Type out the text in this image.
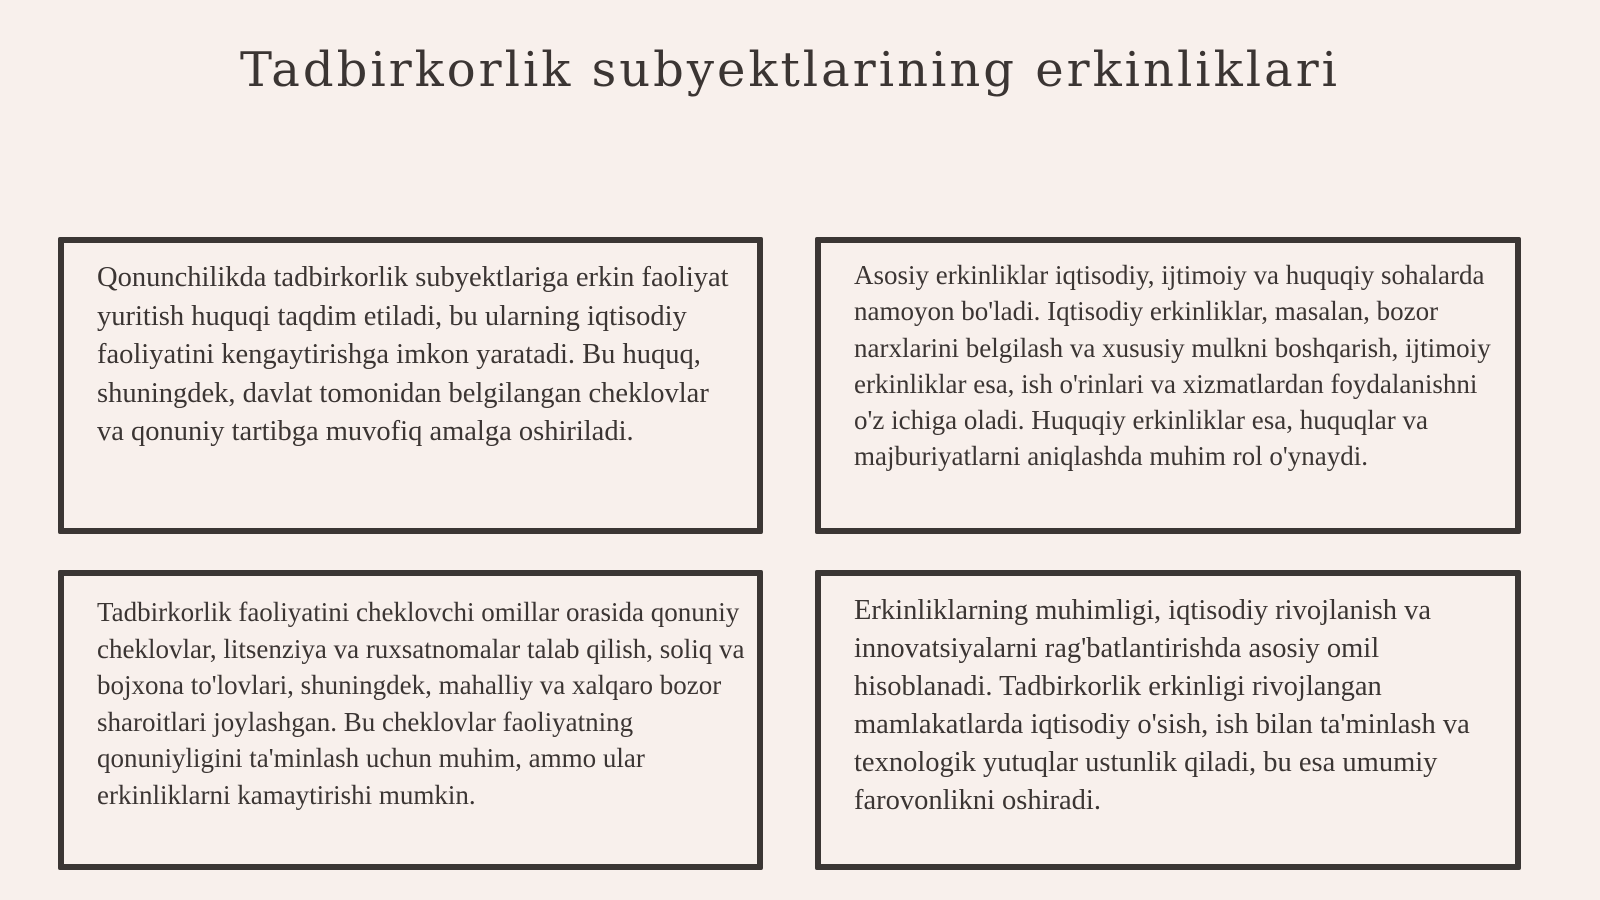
Tadbirkorlik subyektlarining erkinliklari

Qonunchilikda tadbirkorlik subyektlariga erkin faoliyat yuritish huquqi taqdim etiladi, bu ularning iqtisodiy faoliyatini kengaytirishga imkon yaratadi. Bu huquq, shuningdek, davlat tomonidan belgilangan cheklovlar va qonuniy tartibga muvofiq amalga oshiriladi.

Asosiy erkinliklar iqtisodiy, ijtimoiy va huquqiy sohalarda namoyon bo'ladi. Iqtisodiy erkinliklar, masalan, bozor narxlarini belgilash va xususiy mulkni boshqarish, ijtimoiy erkinliklar esa, ish o'rinlari va xizmatlardan foydalanishni o'z ichiga oladi. Huquqiy erkinliklar esa, huquqlar va majburiyatlarni aniqlashda muhim rol o'ynaydi.

Tadbirkorlik faoliyatini cheklovchi omillar orasida qonuniy cheklovlar, litsenziya va ruxsatnomalar talab qilish, soliq va bojxona to'lovlari, shuningdek, mahalliy va xalqaro bozor sharoitlari joylashgan. Bu cheklovlar faoliyatning qonuniyligini ta'minlash uchun muhim, ammo ular erkinliklarni kamaytirishi mumkin.

Erkinliklarning muhimligi, iqtisodiy rivojlanish va innovatsiyalarni rag'batlantirishda asosiy omil hisoblanadi. Tadbirkorlik erkinligi rivojlangan mamlakatlarda iqtisodiy o'sish, ish bilan ta'minlash va texnologik yutuqlar ustunlik qiladi, bu esa umumiy farovonlikni oshiradi.
